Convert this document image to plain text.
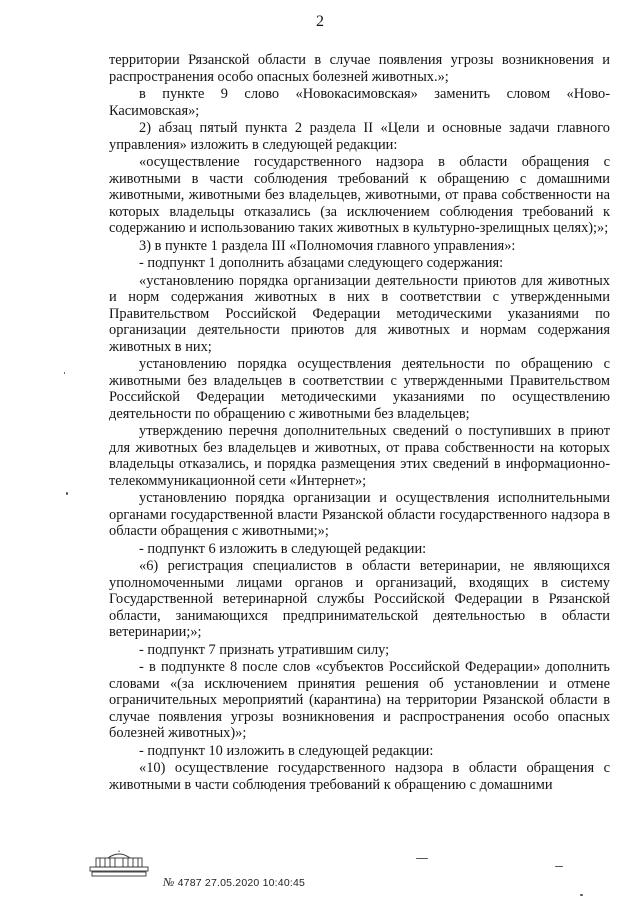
2

территории Рязанской области в случае появления угрозы возникновения и распространения особо опасных болезней животных.»;

в пункте 9 слово «Новокасимовская» заменить словом «Ново-Касимовская»;

2) абзац пятый пункта 2 раздела II «Цели и основные задачи главного управления» изложить в следующей редакции:

«осуществление государственного надзора в области обращения с животными в части соблюдения требований к обращению с домашними животными, животными без владельцев, животными, от права собственности на которых владельцы отказались (за исключением соблюдения требований к содержанию и использованию таких животных в культурно-зрелищных целях);»;

3) в пункте 1 раздела III «Полномочия главного управления»:

- подпункт 1 дополнить абзацами следующего содержания:

«установлению порядка организации деятельности приютов для животных и норм содержания животных в них в соответствии с утвержденными Правительством Российской Федерации методическими указаниями по организации деятельности приютов для животных и нормам содержания животных в них;

установлению порядка осуществления деятельности по обращению с животными без владельцев в соответствии с утвержденными Правительством Российской Федерации методическими указаниями по осуществлению деятельности по обращению с животными без владельцев;

утверждению перечня дополнительных сведений о поступивших в приют для животных без владельцев и животных, от права собственности на которых владельцы отказались, и порядка размещения этих сведений в информационно-телекоммуникационной сети «Интернет»;

установлению порядка организации и осуществления исполнительными органами государственной власти Рязанской области государственного надзора в области обращения с животными;»;

- подпункт 6 изложить в следующей редакции:

«6) регистрация специалистов в области ветеринарии, не являющихся уполномоченными лицами органов и организаций, входящих в систему Государственной ветеринарной службы Российской Федерации в Рязанской области, занимающихся предпринимательской деятельностью в области ветеринарии;»;

- подпункт 7 признать утратившим силу;

- в подпункте 8 после слов «субъектов Российской Федерации» дополнить словами «(за исключением принятия решения об установлении и отмене ограничительных мероприятий (карантина) на территории Рязанской области в случае появления угрозы возникновения и распространения особо опасных болезней животных)»;

- подпункт 10 изложить в следующей редакции:

«10) осуществление государственного надзора в области обращения с животными в части соблюдения требований к обращению с домашними

№ 4787 27.05.2020 10:40:45
